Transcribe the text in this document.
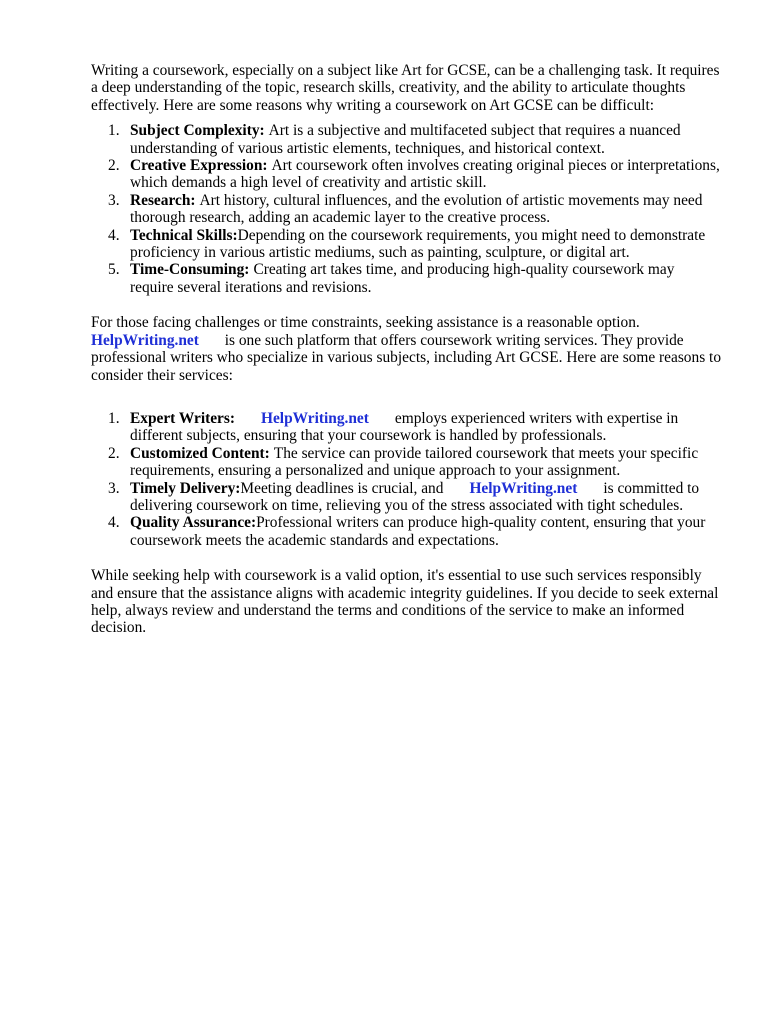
Writing a coursework, especially on a subject like Art for GCSE, can be a challenging task. It requires a deep understanding of the topic, research skills, creativity, and the ability to articulate thoughts effectively. Here are some reasons why writing a coursework on Art GCSE can be difficult:

1. Subject Complexity: Art is a subjective and multifaceted subject that requires a nuanced understanding of various artistic elements, techniques, and historical context.
2. Creative Expression: Art coursework often involves creating original pieces or interpretations, which demands a high level of creativity and artistic skill.
3. Research: Art history, cultural influences, and the evolution of artistic movements may need thorough research, adding an academic layer to the creative process.
4. Technical Skills:Depending on the coursework requirements, you might need to demonstrate proficiency in various artistic mediums, such as painting, sculpture, or digital art.
5. Time-Consuming: Creating art takes time, and producing high-quality coursework may require several iterations and revisions.

For those facing challenges or time constraints, seeking assistance is a reasonable option. HelpWriting.net is one such platform that offers coursework writing services. They provide professional writers who specialize in various subjects, including Art GCSE. Here are some reasons to consider their services:

1. Expert Writers: HelpWriting.net employs experienced writers with expertise in different subjects, ensuring that your coursework is handled by professionals.
2. Customized Content: The service can provide tailored coursework that meets your specific requirements, ensuring a personalized and unique approach to your assignment.
3. Timely Delivery:Meeting deadlines is crucial, and HelpWriting.net is committed to delivering coursework on time, relieving you of the stress associated with tight schedules.
4. Quality Assurance:Professional writers can produce high-quality content, ensuring that your coursework meets the academic standards and expectations.

While seeking help with coursework is a valid option, it's essential to use such services responsibly and ensure that the assistance aligns with academic integrity guidelines. If you decide to seek external help, always review and understand the terms and conditions of the service to make an informed decision.
